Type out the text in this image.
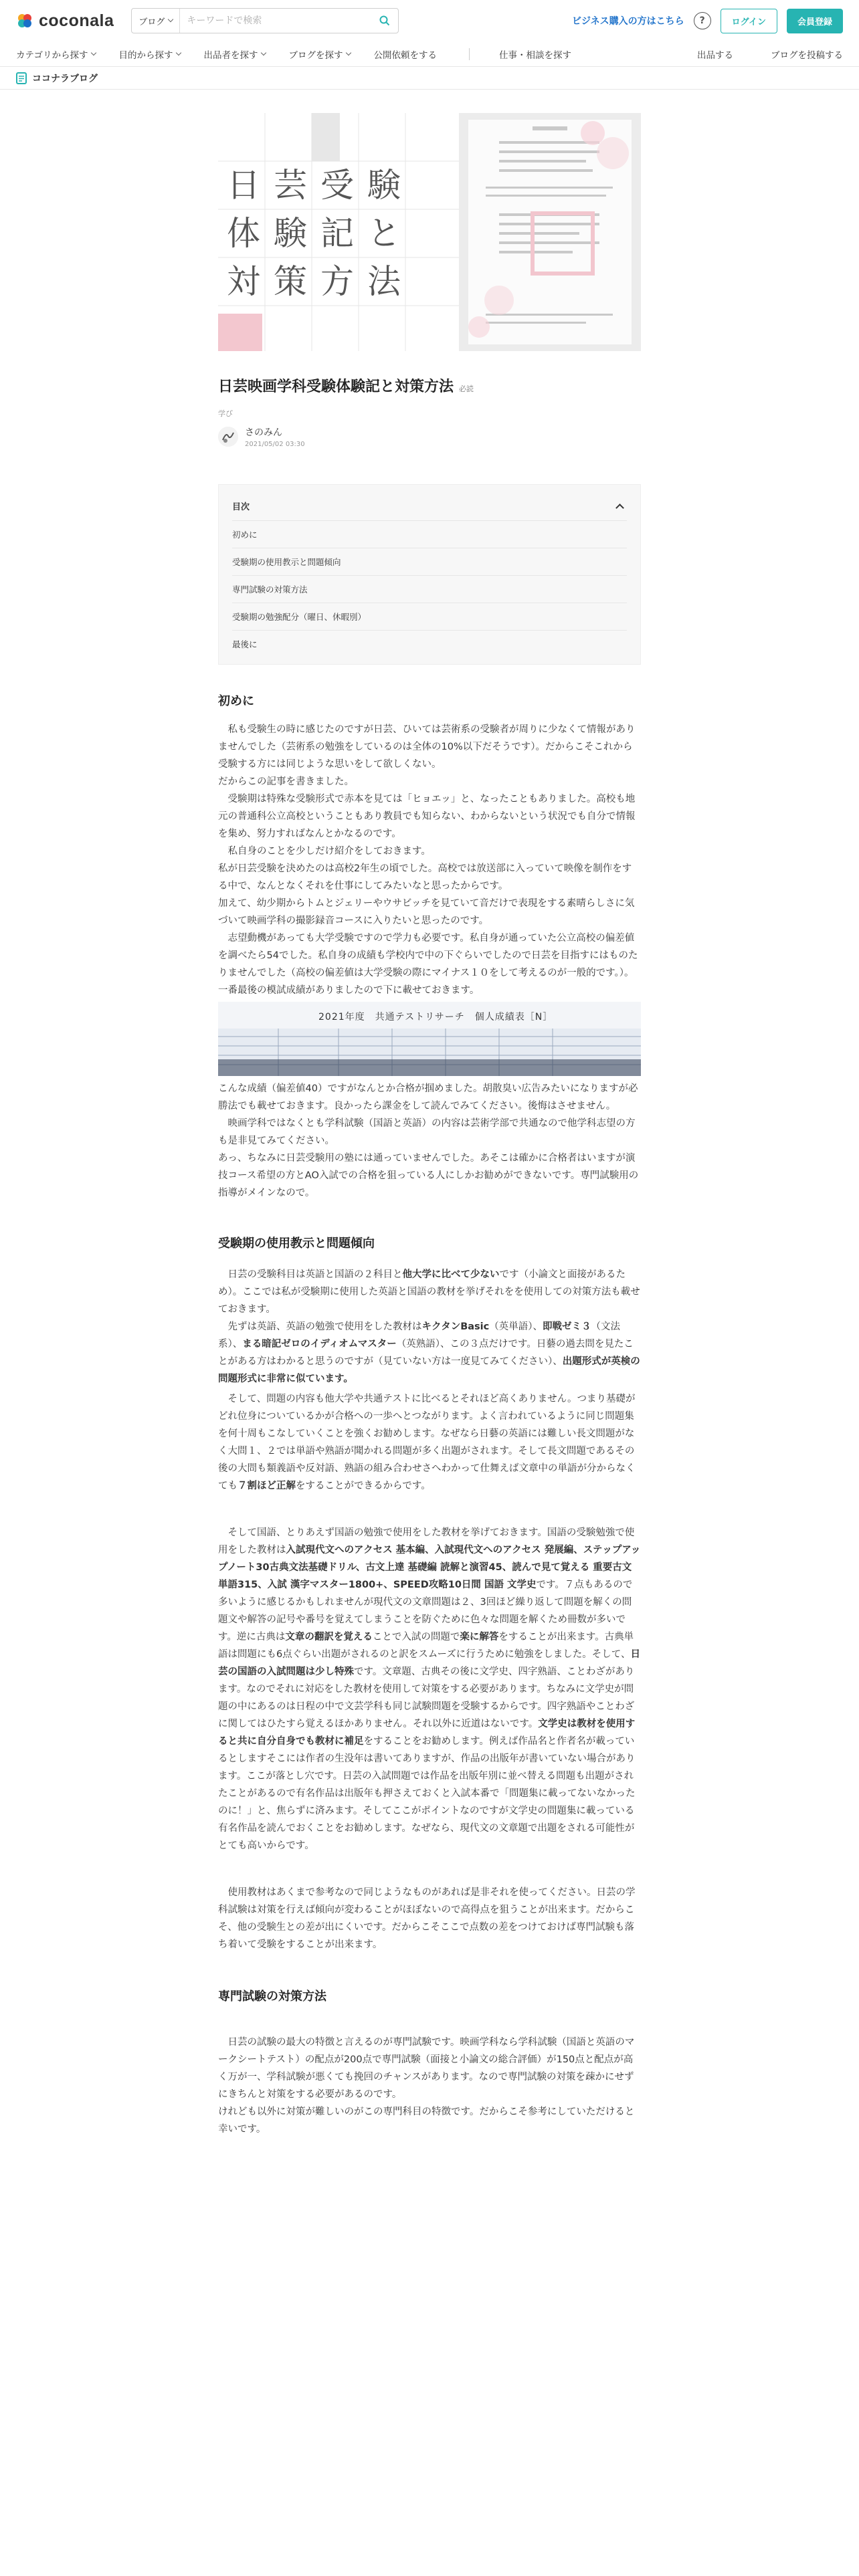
coconala	ブログ
キーワードで検索	ビジネス購入の方はこちら	?	ログイン	会員登録
カテゴリから探す	目的から探す	出品者を探す	ブログを探す	公開依頼をする	仕事・相談を探す	出品する	ブログを投稿する
ココナラブログ
日 芸 受 験
体 験 記 と
対 策 方 法
日芸映画学科受験体験記と対策方法 必読
学び
さのみん
2021/05/02 03:30
目次
初めに
受験期の使用教示と問題傾向
専門試験の対策方法
受験期の勉強配分（曜日、休暇別）
最後に
初めに

私も受験生の時に感じたのですが日芸、ひいては芸術系の受験者が周りに少なくて情報がありませんでした（芸術系の勉強をしているのは全体の10%以下だそうです）。だからこそこれから受験する方には同じような思いをして欲しくない。

だからこの記事を書きました。

受験期は特殊な受験形式で赤本を見ては「ヒョエッ」と、なったこともありました。高校も地元の普通科公立高校ということもあり教員でも知らない、わからないという状況でも自分で情報を集め、努力すればなんとかなるのです。

私自身のことを少しだけ紹介をしておきます。

私が日芸受験を決めたのは高校2年生の頃でした。高校では放送部に入っていて映像を制作をする中で、なんとなくそれを仕事にしてみたいなと思ったからです。

加えて、幼少期からトムとジェリーやウサビッチを見ていて音だけで表現をする素晴らしさに気づいて映画学科の撮影録音コースに入りたいと思ったのです。

志望動機があっても大学受験ですので学力も必要です。私自身が通っていた公立高校の偏差値を調べたら54でした。私自身の成績も学校内で中の下ぐらいでしたので日芸を目指すにはものたりませんでした（高校の偏差値は大学受験の際にマイナス１０をして考えるのが一般的です。）。一番最後の模試成績がありましたので下に載せておきます。

2021年度　共通テストリサーチ　個人成績表［N］

こんな成績（偏差値40）ですがなんとか合格が掴めました。胡散臭い広告みたいになりますが必勝法でも載せておきます。良かったら課金をして読んでみてください。後悔はさせません。

映画学科ではなくとも学科試験（国語と英語）の内容は芸術学部で共通なので他学科志望の方も是非見てみてください。

あっ、ちなみに日芸受験用の塾には通っていませんでした。あそこは確かに合格者はいますが演技コース希望の方とAO入試での合格を狙っている人にしかお勧めができないです。専門試験用の指導がメインなので。

受験期の使用教示と問題傾向

日芸の受験科目は英語と国語の２科目と他大学に比べて少ないです（小論文と面接があるため）。ここでは私が受験期に使用した英語と国語の教材を挙げそれをを使用しての対策方法も載せておきます。

先ずは英語、英語の勉強で使用をした教材はキクタンBasic（英単語）、即戦ゼミ３（文法系）、まる暗記ゼロのイディオムマスター（英熟語）、この３点だけです。日藝の過去問を見たことがある方はわかると思うのですが（見ていない方は一度見てみてください）、出題形式が英検の問題形式に非常に似ています。

そして、問題の内容も他大学や共通テストに比べるとそれほど高くありません。つまり基礎がどれ位身についているかが合格への一歩へとつながります。よく言われているように同じ問題集を何十周もこなしていくことを強くお勧めします。なぜなら日藝の英語には難しい長文問題がなく大問１、２では単語や熟語が聞かれる問題が多く出題がされます。そして長文問題であるその後の大問も類義語や反対語、熟語の組み合わせさへわかって仕舞えば文章中の単語が分からなくても７割ほど正解をすることができるからです。

そして国語、とりあえず国語の勉強で使用をした教材を挙げておきます。国語の受験勉強で使用をした教材は入試現代文へのアクセス 基本編、入試現代文へのアクセス 発展編、ステップアップノート30古典文法基礎ドリル、古文上達 基礎編 読解と演習45、読んで見て覚える 重要古文単語315、入試 漢字マスター1800+、SPEED攻略10日間 国語 文学史です。７点もあるので多いように感じるかもしれませんが現代文の文章問題は２、3回ほど繰り返して問題を解くの問題文や解答の記号や番号を覚えてしまうことを防ぐために色々な問題を解くため冊数が多いです。逆に古典は文章の翻訳を覚えることで入試の問題で楽に解答をすることが出来ます。古典単語は問題にも6点ぐらい出題がされるのと訳をスムーズに行うために勉強をしました。そして、日芸の国語の入試問題は少し特殊です。文章題、古典その後に文学史、四字熟語、ことわざがあります。なのでそれに対応をした教材を使用して対策をする必要があります。ちなみに文学史が問題の中にあるのは日程の中で文芸学科も同じ試験問題を受験するからです。四字熟語やことわざに関してはひたすら覚えるほかありません。それ以外に近道はないです。文学史は教材を使用すると共に自分自身でも教材に補足をすることをお勧めします。例えば作品名と作者名が載っているとしますそこには作者の生没年は書いてありますが、作品の出版年が書いていない場合があります。ここが落とし穴です。日芸の入試問題では作品を出版年別に並べ替える問題も出題がされたことがあるので有名作品は出版年も押さえておくと入試本番で「問題集に載ってないなかったのに！」と、焦らずに済みます。そしてここがポイントなのですが文学史の問題集に載っている有名作品を読んでおくことをお勧めします。なぜなら、現代文の文章題で出題をされる可能性がとても高いからです。

使用教材はあくまで参考なので同じようなものがあれば是非それを使ってください。日芸の学科試験は対策を行えば傾向が変わることがほぼないので高得点を狙うことが出来ます。だからこそ、他の受験生との差が出にくいです。だからこそここで点数の差をつけておけば専門試験も落ち着いて受験をすることが出来ます。

専門試験の対策方法

日芸の試験の最大の特徴と言えるのが専門試験です。映画学科なら学科試験（国語と英語のマークシートテスト）の配点が200点で専門試験（面接と小論文の総合評価）が150点と配点が高く万が一、学科試験が悪くても挽回のチャンスがあります。なので専門試験の対策を疎かにせずにきちんと対策をする必要があるのです。

けれども以外に対策が難しいのがこの専門科目の特徴です。だからこそ参考にしていただけると幸いです。
